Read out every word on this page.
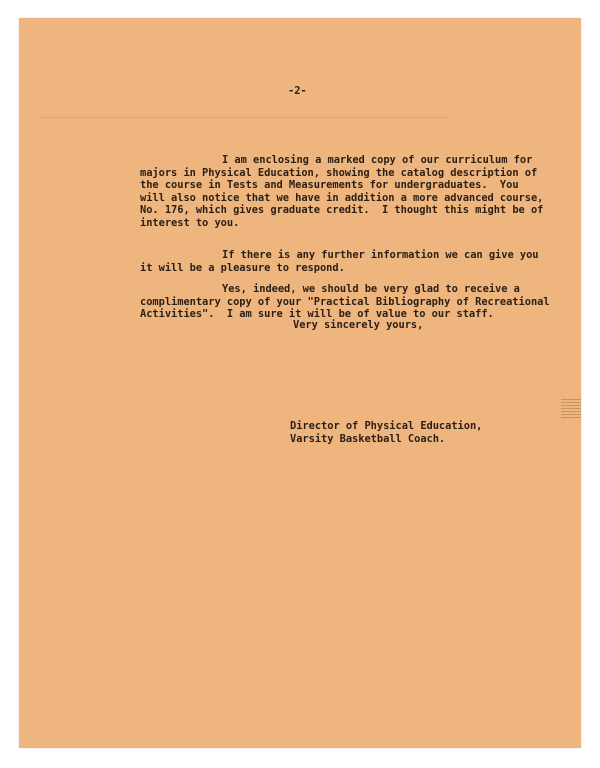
━━━━━━━━━━━━━━━━━━━━━━━━━━━━━━━━━━━━━━━━━━━━━━━━━━━━━━━━━━━━━━━━━━━━
-2-

I am enclosing a marked copy of our curriculum for
majors in Physical Education, showing the catalog description of
the course in Tests and Measurements for undergraduates.  You
will also notice that we have in addition a more advanced course,
No. 176, which gives graduate credit.  I thought this might be of
interest to you.

If there is any further information we can give you
it will be a pleasure to respond.

Yes, indeed, we should be very glad to receive a
complimentary copy of your "Practical Bibliography of Recreational
Activities".  I am sure it will be of value to our staff.

Very sincerely yours,

Director of Physical Education,
Varsity Basketball Coach.
